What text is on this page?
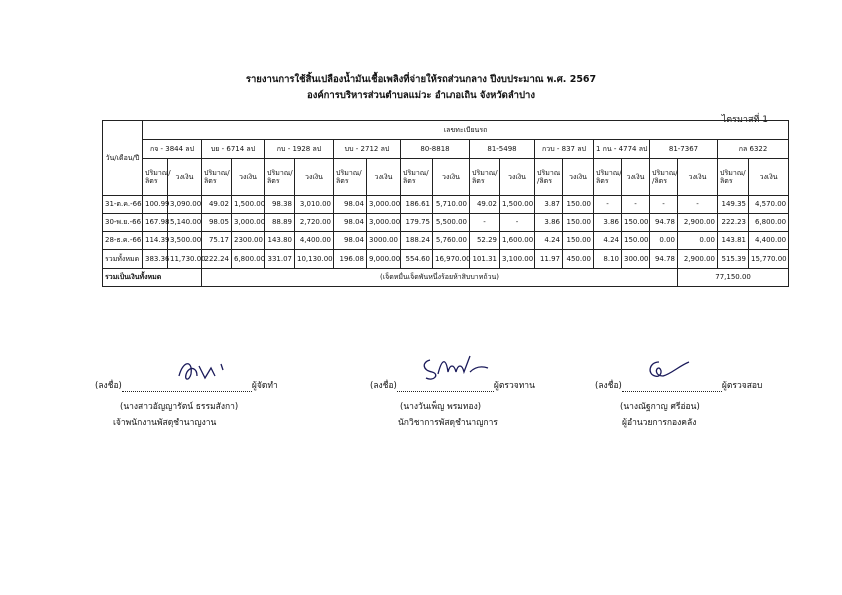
รายงานการใช้สิ้นเปลืองน้ำมันเชื้อเพลิงที่จ่ายให้รถส่วนกลาง ปีงบประมาณ พ.ศ. 2567
องค์การบริหารส่วนตำบลแม่วะ อำเภอเถิน จังหวัดลำปาง
ไตรมาสที่ 1
วัน/เดือน/ปี	เลขทะเบียนรถ																			
	กจ - 3844 ลป		บย - 6714 ลป		กบ - 1928 ลป		บบ - 2712 ลป		80-8818		81-5498		กวบ - 837 ลป		1 กน - 4774 ลป		81-7367		กล 6322	
	ปริมาณ/ ลิตร	วงเงิน	ปริมาณ/ ลิตร	วงเงิน	ปริมาณ/ ลิตร	วงเงิน	ปริมาณ/ ลิตร	วงเงิน	ปริมาณ/ ลิตร	วงเงิน	ปริมาณ/ ลิตร	วงเงิน	ปริมาณ /ลิตร	วงเงิน	ปริมาณ/ ลิตร	วงเงิน	ปริมาณ/ /ลิตร	วงเงิน	ปริมาณ/ ลิตร	วงเงิน
31-ต.ค.-66	100.99	3,090.00	49.02	1,500.00	98.38	3,010.00	98.04	3,000.00	186.61	5,710.00	49.02	1,500.00	3.87	150.00	-	-	-	-	149.35	4,570.00
30-พ.ย.-66	167.98	5,140.00	98.05	3,000.00	88.89	2,720.00	98.04	3,000.00	179.75	5,500.00	-	-	3.86	150.00	3.86	150.00	94.78	2,900.00	222.23	6,800.00
28-ธ.ค.-66	114.39	3,500.00	75.17	2300.00	143.80	4,400.00	98.04	3000.00	188.24	5,760.00	52.29	1,600.00	4.24	150.00	4.24	150.00	0.00	0.00	143.81	4,400.00
รวมทั้งหมด	383.36	11,730.00	222.24	6,800.00	331.07	10,130.00	196.08	9,000.00	554.60	16,970.00	101.31	3,100.00	11.97	450.00	8.10	300.00	94.78	2,900.00	515.39	15,770.00
รวมเป็นเงินทั้งหมด			(เจ็ดหมื่นเจ็ดพันหนึ่งร้อยห้าสิบบาทถ้วน)															77,150.00		
(ลงชื่อ)	ผู้จัดทำ
(นางสาวอัญญารัตน์ ธรรมสังกา)
เจ้าพนักงานพัสดุชำนาญงาน
(ลงชื่อ)	ผู้ตรวจทาน
(นางวันเพ็ญ พรมทอง)
นักวิชาการพัสดุชำนาญการ
(ลงชื่อ)	ผู้ตรวจสอบ
(นางณัฐกาญ ศรีอ่อน)
ผู้อำนวยการกองคลัง
